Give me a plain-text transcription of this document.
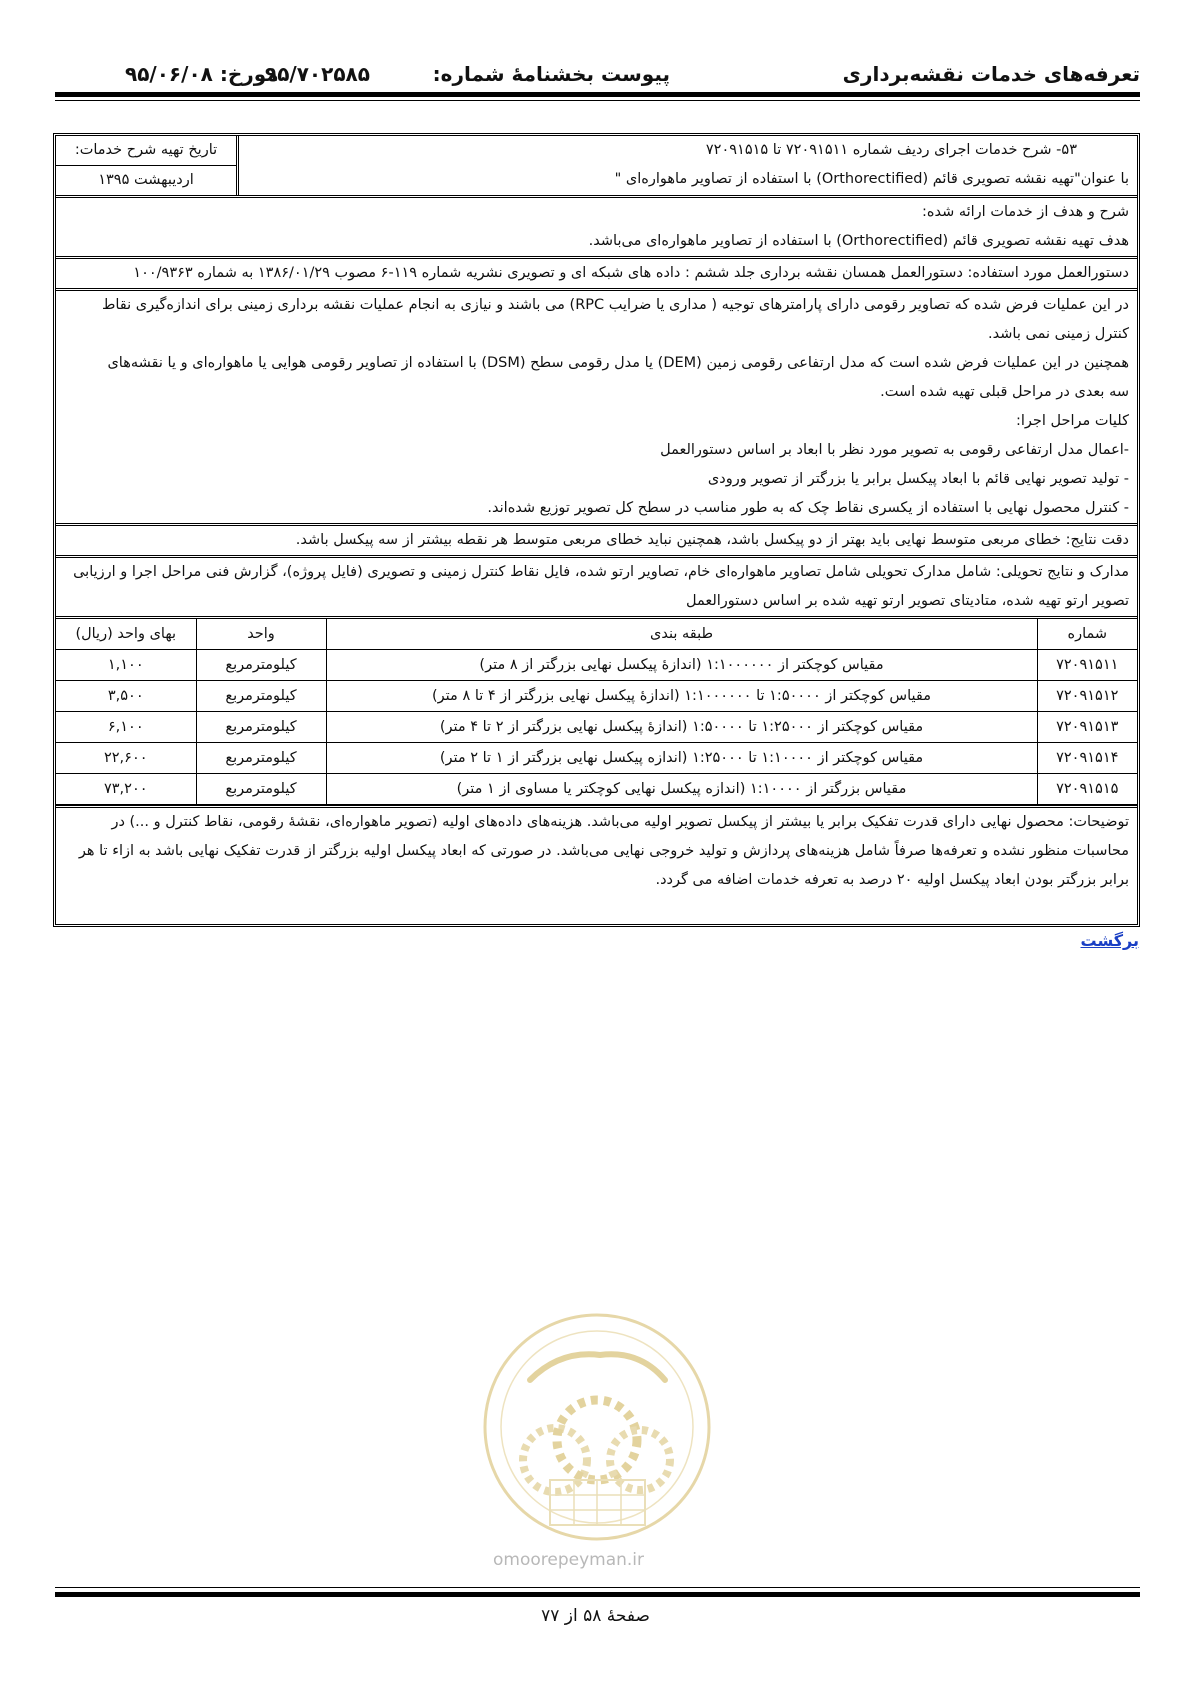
تعرفه‌های خدمات نقشه‌برداری
پیوست بخشنامهٔ شماره:
۹۵/۷۰۲۵۸۵
مورخ: ۹۵/۰۶/۰۸
۵۳- شرح خدمات اجرای ردیف شماره ۷۲۰۹۱۵۱۱ تا ۷۲۰۹۱۵۱۵
با عنوان"تهیه نقشه تصویری قائم (Orthorectified) با استفاده از تصاویر ماهواره‌ای "
تاریخ تهیه شرح خدمات:
اردیبهشت ۱۳۹۵
شرح و هدف از خدمات ارائه شده:
هدف تهیه نقشه تصویری قائم (Orthorectified) با استفاده از تصاویر ماهواره‌ای می‌باشد.
دستورالعمل مورد استفاده: دستورالعمل همسان نقشه برداری جلد ششم : داده های شبکه ای و تصویری نشریه شماره ۱۱۹-۶ مصوب ۱۳۸۶/۰۱/۲۹ به شماره ۱۰۰/۹۳۶۳
در این عملیات فرض شده که تصاویر رقومی دارای پارامترهای توجیه ( مداری یا ضرایب RPC) می باشند و نیازی به انجام عملیات نقشه برداری زمینی برای اندازه‌گیری نقاط
کنترل زمینی نمی باشد.
همچنین در این عملیات فرض شده است که مدل ارتفاعی رقومی زمین (DEM) یا مدل رقومی سطح (DSM) با استفاده از تصاویر رقومی هوایی یا ماهواره‌ای و یا نقشه‌های
سه بعدی در مراحل قبلی تهیه شده است.
کلیات مراحل اجرا:
-اعمال مدل ارتفاعی رقومی به تصویر مورد نظر با ابعاد بر اساس دستورالعمل
- تولید تصویر نهایی قائم با ابعاد پیکسل برابر یا بزرگتر از تصویر ورودی
- کنترل محصول نهایی با استفاده از یکسری نقاط چک که به طور مناسب در سطح کل تصویر توزیع شده‌اند.
دقت نتایج: خطای مربعی متوسط نهایی باید بهتر از دو پیکسل باشد، همچنین نباید خطای مربعی متوسط هر نقطه بیشتر از سه پیکسل باشد.
مدارک و نتایج تحویلی: شامل مدارک تحویلی شامل تصاویر ماهواره‌ای خام، تصاویر ارتو شده، فایل نقاط کنترل زمینی و تصویری (فایل پروژه)، گزارش فنی مراحل اجرا و ارزیابی
تصویر ارتو تهیه شده، متادیتای تصویر ارتو تهیه شده بر اساس دستورالعمل
شماره	طبقه بندی	واحد	بهای واحد (ریال)
۷۲۰۹۱۵۱۱	مقیاس کوچکتر از ۱:۱۰۰۰۰۰۰ (اندازهٔ پیکسل نهایی بزرگتر از ۸ متر)	کیلومترمربع	۱,۱۰۰
۷۲۰۹۱۵۱۲	مقیاس کوچکتر از ۱:۵۰۰۰۰ تا ۱:۱۰۰۰۰۰۰ (اندازهٔ پیکسل نهایی بزرگتر از ۴ تا ۸ متر)	کیلومترمربع	۳,۵۰۰
۷۲۰۹۱۵۱۳	مقیاس کوچکتر از ۱:۲۵۰۰۰ تا ۱:۵۰۰۰۰ (اندازهٔ پیکسل نهایی بزرگتر از ۲ تا ۴ متر)	کیلومترمربع	۶,۱۰۰
۷۲۰۹۱۵۱۴	مقیاس کوچکتر از ۱:۱۰۰۰۰ تا ۱:۲۵۰۰۰ (اندازه پیکسل نهایی بزرگتر از ۱ تا ۲ متر)	کیلومترمربع	۲۲,۶۰۰
۷۲۰۹۱۵۱۵	مقیاس بزرگتر از ۱:۱۰۰۰۰ (اندازه پیکسل نهایی کوچکتر یا مساوی از ۱ متر)	کیلومترمربع	۷۳,۲۰۰
توضیحات: محصول نهایی دارای قدرت تفکیک برابر یا بیشتر از پیکسل تصویر اولیه می‌باشد. هزینه‌های داده‌های اولیه (تصویر ماهواره‌ای، نقشهٔ رقومی، نقاط کنترل و ...) در
محاسبات منظور نشده و تعرفه‌ها صرفاً شامل هزینه‌های پردازش و تولید خروجی نهایی می‌باشد. در صورتی که ابعاد پیکسل اولیه بزرگتر از قدرت تفکیک نهایی باشد به ازاء تا هر
برابر بزرگتر بودن ابعاد پیکسل اولیه ۲۰ درصد به تعرفه خدمات اضافه می گردد.
برگشت
omoorepeyman.ir
صفحهٔ ۵۸ از ۷۷
